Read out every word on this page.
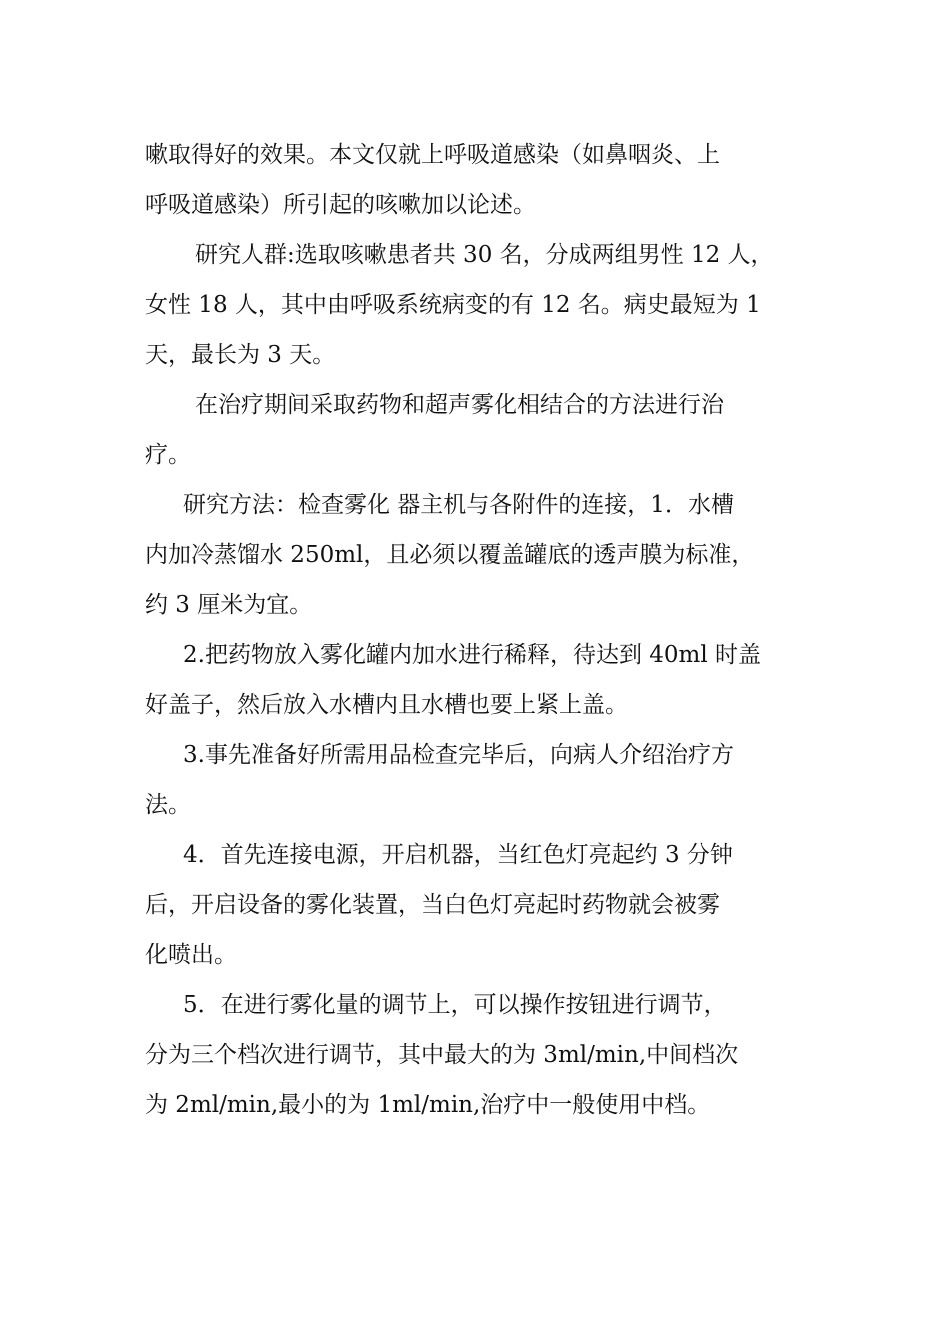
嗽取得好的效果。本文仅就上呼吸道感染（如鼻咽炎、上
呼吸道感染）所引起的咳嗽加以论述。

研究人群:选取咳嗽患者共 30 名，分成两组男性 12 人，
女性 18 人，其中由呼吸系统病变的有 12 名。病史最短为 1
天，最长为 3 天。

在治疗期间采取药物和超声雾化相结合的方法进行治
疗。

研究方法：检查雾化 器主机与各附件的连接，1．水槽
内加冷蒸馏水 250ml，且必须以覆盖罐底的透声膜为标准，
约 3 厘米为宜。

2.把药物放入雾化罐内加水进行稀释，待达到 40ml 时盖
好盖子，然后放入水槽内且水槽也要上紧上盖。

3.事先准备好所需用品检查完毕后，向病人介绍治疗方
法。

4．首先连接电源，开启机器，当红色灯亮起约 3 分钟
后，开启设备的雾化装置，当白色灯亮起时药物就会被雾
化喷出。

5．在进行雾化量的调节上，可以操作按钮进行调节，
分为三个档次进行调节，其中最大的为 3ml/min,中间档次
为 2ml/min,最小的为 1ml/min,治疗中一般使用中档。
